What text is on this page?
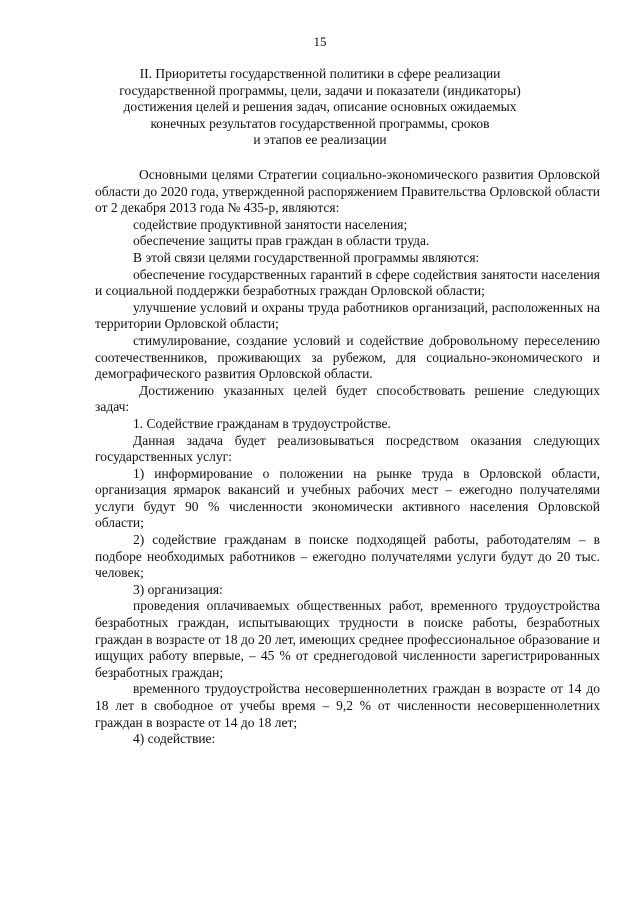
15
II. Приоритеты государственной политики в сфере реализации
государственной программы, цели, задачи и показатели (индикаторы)
достижения целей и решения задач, описание основных ожидаемых
конечных результатов государственной программы, сроков
и этапов ее реализации

Основными целями Стратегии социально-экономического развития Орловской области до 2020 года, утвержденной распоряжением Правительства Орловской области от 2 декабря 2013 года № 435-р, являются:

содействие продуктивной занятости населения;

обеспечение защиты прав граждан в области труда.

В этой связи целями государственной программы являются:

обеспечение государственных гарантий в сфере содействия занятости населения и социальной поддержки безработных граждан Орловской области;

улучшение условий и охраны труда работников организаций, расположенных на территории Орловской области;

стимулирование, создание условий и содействие добровольному переселению соотечественников, проживающих за рубежом, для социально-экономического и демографического развития Орловской области.

Достижению указанных целей будет способствовать решение следующих задач:

1. Содействие гражданам в трудоустройстве.

Данная задача будет реализовываться посредством оказания следующих государственных услуг:

1) информирование о положении на рынке труда в Орловской области, организация ярмарок вакансий и учебных рабочих мест – ежегодно получателями услуги будут 90 % численности экономически активного населения Орловской области;

2) содействие гражданам в поиске подходящей работы, работодателям – в подборе необходимых работников – ежегодно получателями услуги будут до 20 тыс. человек;

3) организация:

проведения оплачиваемых общественных работ, временного трудоустройства безработных граждан, испытывающих трудности в поиске работы, безработных граждан в возрасте от 18 до 20 лет, имеющих среднее профессиональное образование и ищущих работу впервые, – 45 % от среднегодовой численности зарегистрированных безработных граждан;

временного трудоустройства несовершеннолетних граждан в возрасте от 14 до 18 лет в свободное от учебы время – 9,2 % от численности несовершеннолетних граждан в возрасте от 14 до 18 лет;

4) содействие:
